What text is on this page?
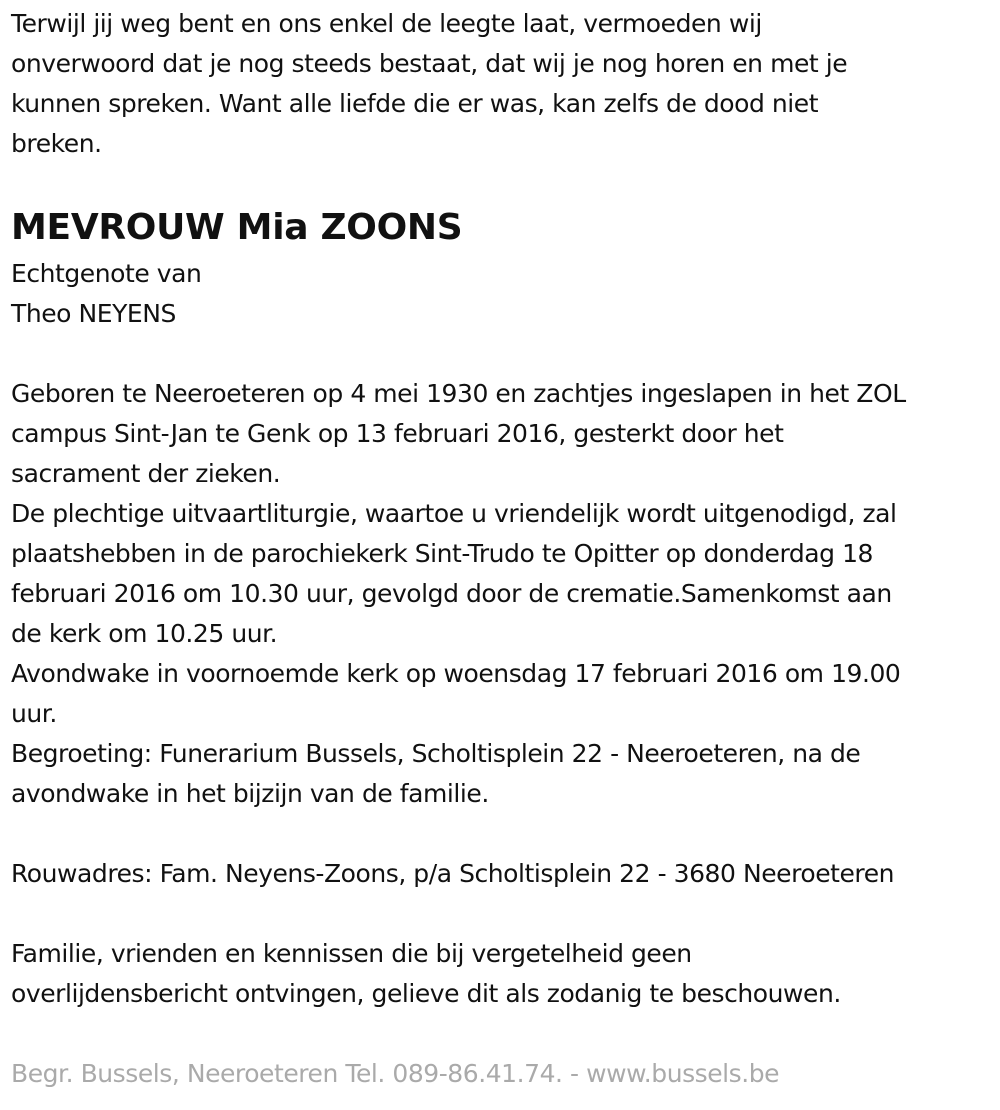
Terwijl jij weg bent en ons enkel de leegte laat, vermoeden wij
onverwoord dat je nog steeds bestaat, dat wij je nog horen en met je
kunnen spreken. Want alle liefde die er was, kan zelfs de dood niet
breken.
MEVROUW Mia ZOONS
Echtgenote van
Theo NEYENS
Geboren te Neeroeteren op 4 mei 1930 en zachtjes ingeslapen in het ZOL
campus Sint-Jan te Genk op 13 februari 2016, gesterkt door het
sacrament der zieken.
De plechtige uitvaartliturgie, waartoe u vriendelijk wordt uitgenodigd, zal
plaatshebben in de parochiekerk Sint-Trudo te Opitter op donderdag 18
februari 2016 om 10.30 uur, gevolgd door de crematie.Samenkomst aan
de kerk om 10.25 uur.
Avondwake in voornoemde kerk op woensdag 17 februari 2016 om 19.00
uur.
Begroeting: Funerarium Bussels, Scholtisplein 22 - Neeroeteren, na de
avondwake in het bijzijn van de familie.
Rouwadres: Fam. Neyens-Zoons, p/a Scholtisplein 22 - 3680 Neeroeteren
Familie, vrienden en kennissen die bij vergetelheid geen
overlijdensbericht ontvingen, gelieve dit als zodanig te beschouwen.
Begr. Bussels, Neeroeteren Tel. 089-86.41.74. - www.bussels.be
